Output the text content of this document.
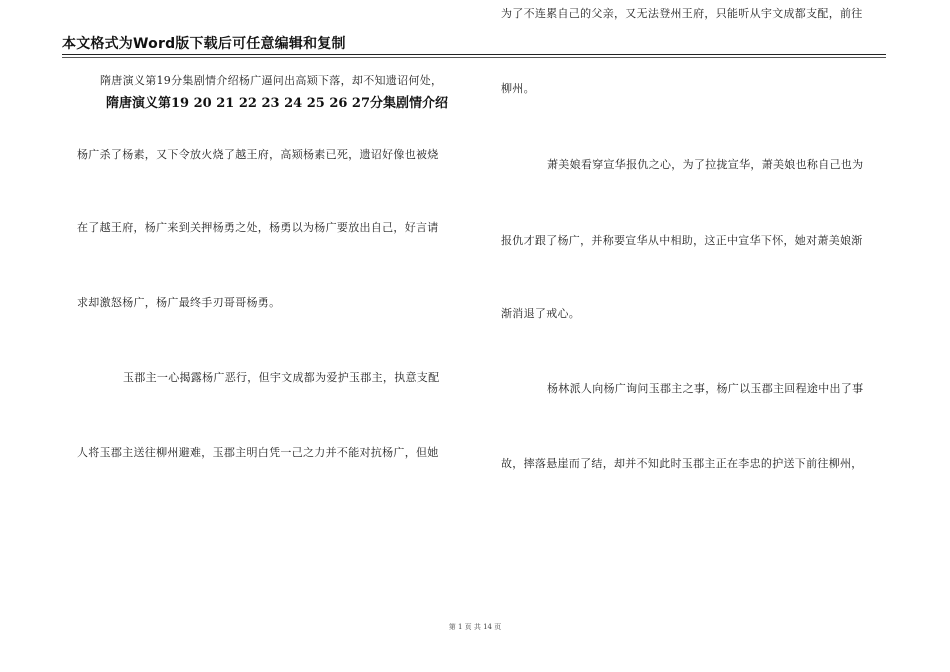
本文格式为Word版下载后可任意编辑和复制
隋唐演义第19 20 21 22 23 24 25 26 27分集剧情介绍
隋唐演义第19分集剧情介绍杨广逼问出高颎下落，却不知遗诏何处，
杨广杀了杨素，又下令放火烧了越王府，高颎杨素已死，遗诏好像也被烧
在了越王府，杨广来到关押杨勇之处，杨勇以为杨广要放出自己，好言请
求却激怒杨广，杨广最终手刃哥哥杨勇。
玉郡主一心揭露杨广恶行，但宇文成都为爱护玉郡主，执意支配
人将玉郡主送往柳州避难，玉郡主明白凭一己之力并不能对抗杨广，但她
为了不连累自己的父亲，又无法登州王府，只能听从宇文成都支配，前往
柳州。
萧美娘看穿宣华报仇之心，为了拉拢宣华，萧美娘也称自己也为
报仇才跟了杨广，并称要宣华从中相助，这正中宣华下怀，她对萧美娘渐
渐消退了戒心。
杨林派人向杨广询问玉郡主之事，杨广以玉郡主回程途中出了事
故，摔落悬崖而了结，却并不知此时玉郡主正在李忠的护送下前往柳州，
第 1 页 共 14 页
